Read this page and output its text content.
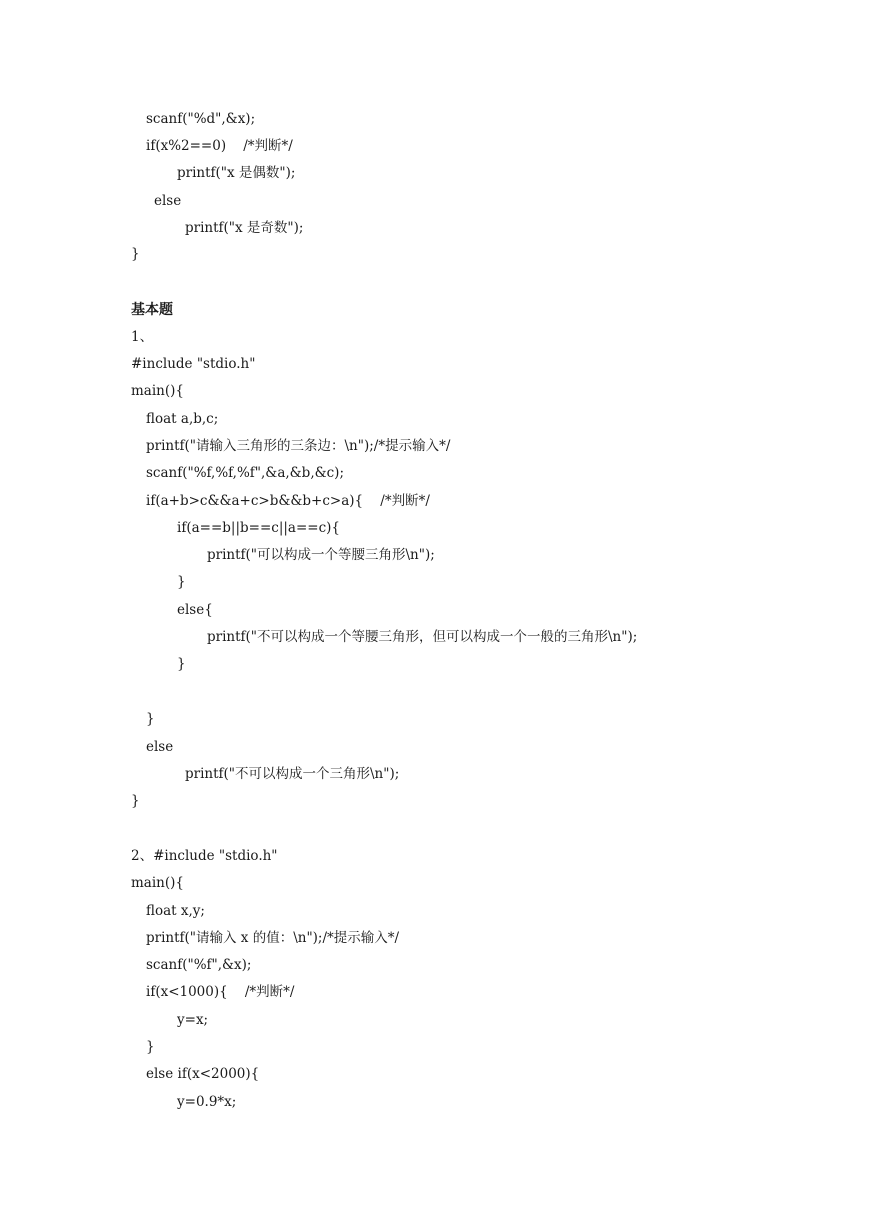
scanf("%d",&x);
if(x%2==0)    /*判断*/
printf("x 是偶数");
else
printf("x 是奇数");
}
基本题
1、
#include "stdio.h"
main(){
float a,b,c;
printf("请输入三角形的三条边：\n");/*提示输入*/
scanf("%f,%f,%f",&a,&b,&c);
if(a+b>c&&a+c>b&&b+c>a){    /*判断*/
if(a==b||b==c||a==c){
printf("可以构成一个等腰三角形\n");
}
else{
printf("不可以构成一个等腰三角形，但可以构成一个一般的三角形\n");
}
}
else
printf("不可以构成一个三角形\n");
}
2、#include "stdio.h"
main(){
float x,y;
printf("请输入 x 的值：\n");/*提示输入*/
scanf("%f",&x);
if(x<1000){    /*判断*/
y=x;
}
else if(x<2000){
y=0.9*x;
